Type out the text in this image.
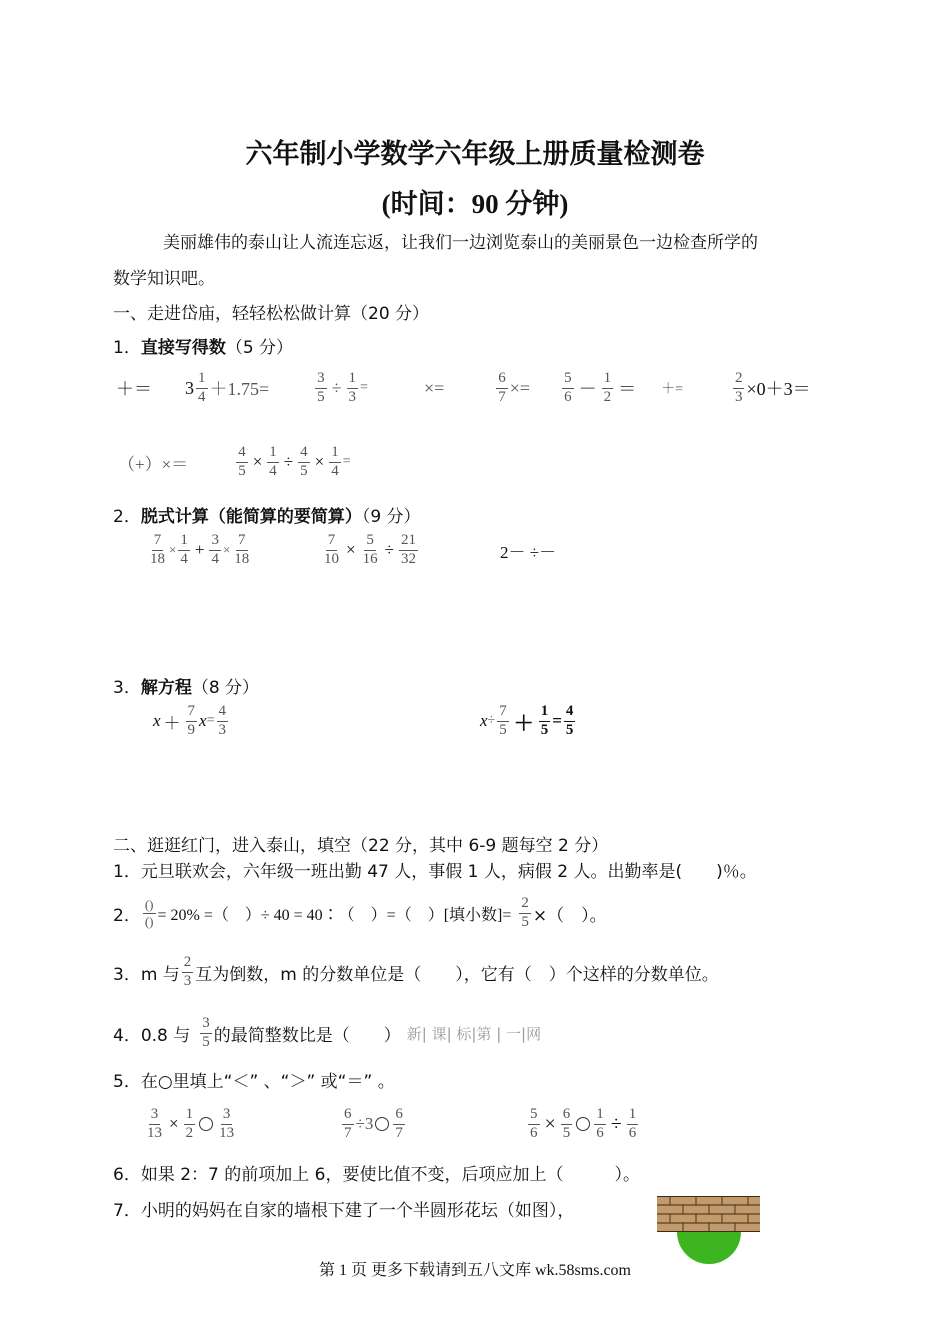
六年制小学数学六年级上册质量检测卷
(时间：90 分钟)
美丽雄伟的泰山让人流连忘返，让我们一边浏览泰山的美丽景色一边检查所学的
数学知识吧。
一、走进岱庙，轻轻松松做计算（20 分）
1．直接写得数（5 分）
＋＝ $3 \frac{1}{4} +1.75=$	$\frac{3}{5} \div \frac{1}{3}$ =	×=	$\frac{6}{7} \times= \frac{5}{6} - \frac{1}{2}$ ＝ ＋=	$\frac{2}{3} \times 0+3=$
（+）×＝	$\frac{4}{5} \times \frac{1}{4} \div \frac{4}{5} \times \frac{1}{4}$ =
2．脱式计算（能简算的要简算）（9 分）
$\frac{7}{18} \times \frac{1}{4} + \frac{3}{4} \times \frac{7}{18}$	$\frac{7}{10} \times \frac{5}{16} \div \frac{21}{32}$	2－ ÷－
3．解方程（8 分）
$x + \frac{7}{9}$ $x = \frac{4}{3}$	$x \div \frac{7}{5} + \frac{1}{5} = \frac{4}{5}$
二、逛逛红门，进入泰山，填空（22 分，其中 6-9 题每空 2 分）
1．元旦联欢会，六年级一班出勤 47 人，事假 1 人，病假 2 人。出勤率是(　　)％。
2． $\frac{()}{()} = 20\%$ =（　）÷ 40 = 40∶（　）=（　）[填小数]= $\frac{2}{5}$ ×（　）。
3．m 与 $\frac{2}{3}$ 互为倒数，m 的分数单位是（　　），它有（　）个这样的分数单位。
4．0.8 与 $\frac{3}{5}$ 的最简整数比是（　　） 新| 课| 标|第 | 一|网
5．在○里填上“＜” 、“＞” 或“＝” 。
$\frac{3}{13} \times \frac{1}{2} \frac{3}{13}$	$\frac{6}{7} \div 3 \frac{6}{7}$	$\frac{5}{6} \times \frac{6}{5} \frac{1}{6} \div \frac{1}{6}$
6．如果 2：7 的前项加上 6，要使比值不变，后项应加上（　　　）。
7．小明的妈妈在自家的墙根下建了一个半圆形花坛（如图），
第 1 页 更多下载请到五八文库 wk.58sms.com
